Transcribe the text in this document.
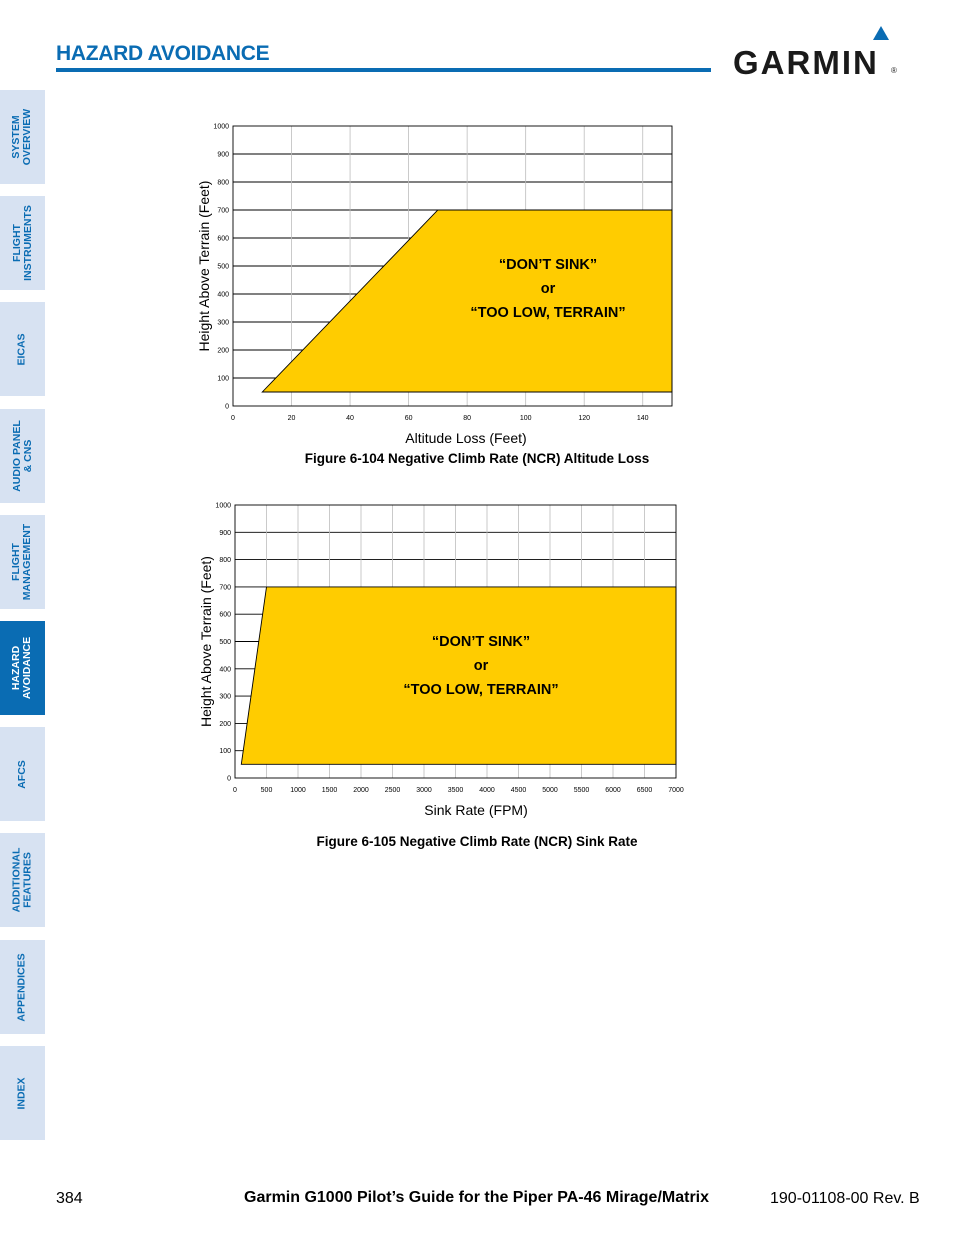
HAZARD AVOIDANCE	GARMIN ®
SYSTEM
OVERVIEW
FLIGHT
INSTRUMENTS
EICAS
AUDIO PANEL
& CNS
FLIGHT
MANAGEMENT
HAZARD
AVOIDANCE
AFCS
ADDITIONAL
FEATURES
APPENDICES
INDEX
0
100
200
300
400
500
600
700
800
900
1000
0	20	40	60	80	100	120	140
Altitude Loss (Feet)
Height Above Terrain (Feet)	“DON’T SINK”
or
“TOO LOW, TERRAIN”
Figure 6-104 Negative Climb Rate (NCR) Altitude Loss
0
100
200
300
400
500
600
700
800
900
1000
0	500	1000 1500 2000 2500 3000 3500 4000 4500 5000 5500 6000 6500 7000
Sink Rate (FPM)
Height Above Terrain (Feet)	“DON’T SINK”
or
“TOO LOW, TERRAIN”
Figure 6-105 Negative Climb Rate (NCR) Sink Rate
384	Garmin G1000 Pilot’s Guide for the Piper PA-46 Mirage/Matrix	190-01108-00 Rev. B
